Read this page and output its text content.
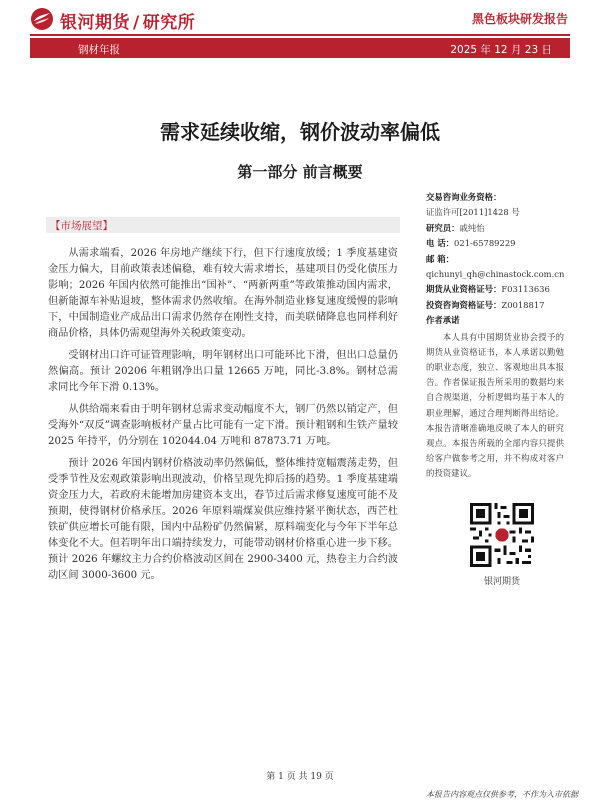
银河期货 / 研究所	黑色板块研发报告
钢材年报	2025 年 12 月 23 日
需求延续收缩，钢价波动率偏低
第一部分 前言概要
【市场展望】

从需求端看，2026 年房地产继续下行，但下行速度放缓；1 季度基建资金压力偏大，目前政策表述偏稳，难有较大需求增长，基建项目仍受化债压力影响；2026 年国内依然可能推出“国补”、“两新两重”等政策推动国内需求，但新能源车补贴退坡，整体需求仍然收缩。在海外制造业修复速度缓慢的影响下，中国制造业产成品出口需求仍然存在刚性支持，而美联储降息也同样利好商品价格，具体仍需观望海外关税政策变动。

受钢材出口许可证管理影响，明年钢材出口可能环比下滑，但出口总量仍然偏高。预计 20206 年粗钢净出口量 12665 万吨，同比-3.8%。钢材总需求同比今年下滑 0.13%。

从供给端来看由于明年钢材总需求变动幅度不大，钢厂仍然以销定产，但受海外“双反”调查影响板材产量占比可能有一定下滑。预计粗钢和生铁产量较 2025 年持平，仍分别在 102044.04 万吨和 87873.71 万吨。

预计 2026 年国内钢材价格波动率仍然偏低，整体维持宽幅震荡走势，但受季节性及宏观政策影响出现波动，价格呈现先抑后扬的趋势。1 季度基建端资金压力大，若政府未能增加房建资本支出，春节过后需求修复速度可能不及预期，使得钢材价格承压。2026 年原料端煤炭供应维持紧平衡状态，西芒杜铁矿供应增长可能有限，国内中品粉矿仍然偏紧，原料端变化与今年下半年总体变化不大。但若明年出口端持续发力，可能带动钢材价格重心进一步下移。预计 2026 年螺纹主力合约价格波动区间在 2900-3400 元，热卷主力合约波动区间 3000-3600 元。

交易咨询业务资格：
证监许可[2011]1428 号
研究员：戚纯怡
电 话：021-65789229
邮 箱：
qichunyi_qh@chinastock.com.cn
期货从业资格证号：F03113636
投资咨询资格证号：Z0018817
作者承诺
本人具有中国期货业协会授予的期货从业资格证书，本人承诺以勤勉的职业态度，独立、客观地出具本报告。作者保证报告所采用的数据均来自合规渠道，分析逻辑均基于本人的职业理解，通过合理判断得出结论。本报告清晰准确地反映了本人的研究观点。本报告所载的全部内容只提供给客户做参考之用，并不构成对客户的投资建议。
银河期货
第 1 页 共 19 页
本报告内容观点仅供参考，不作为入市依据
